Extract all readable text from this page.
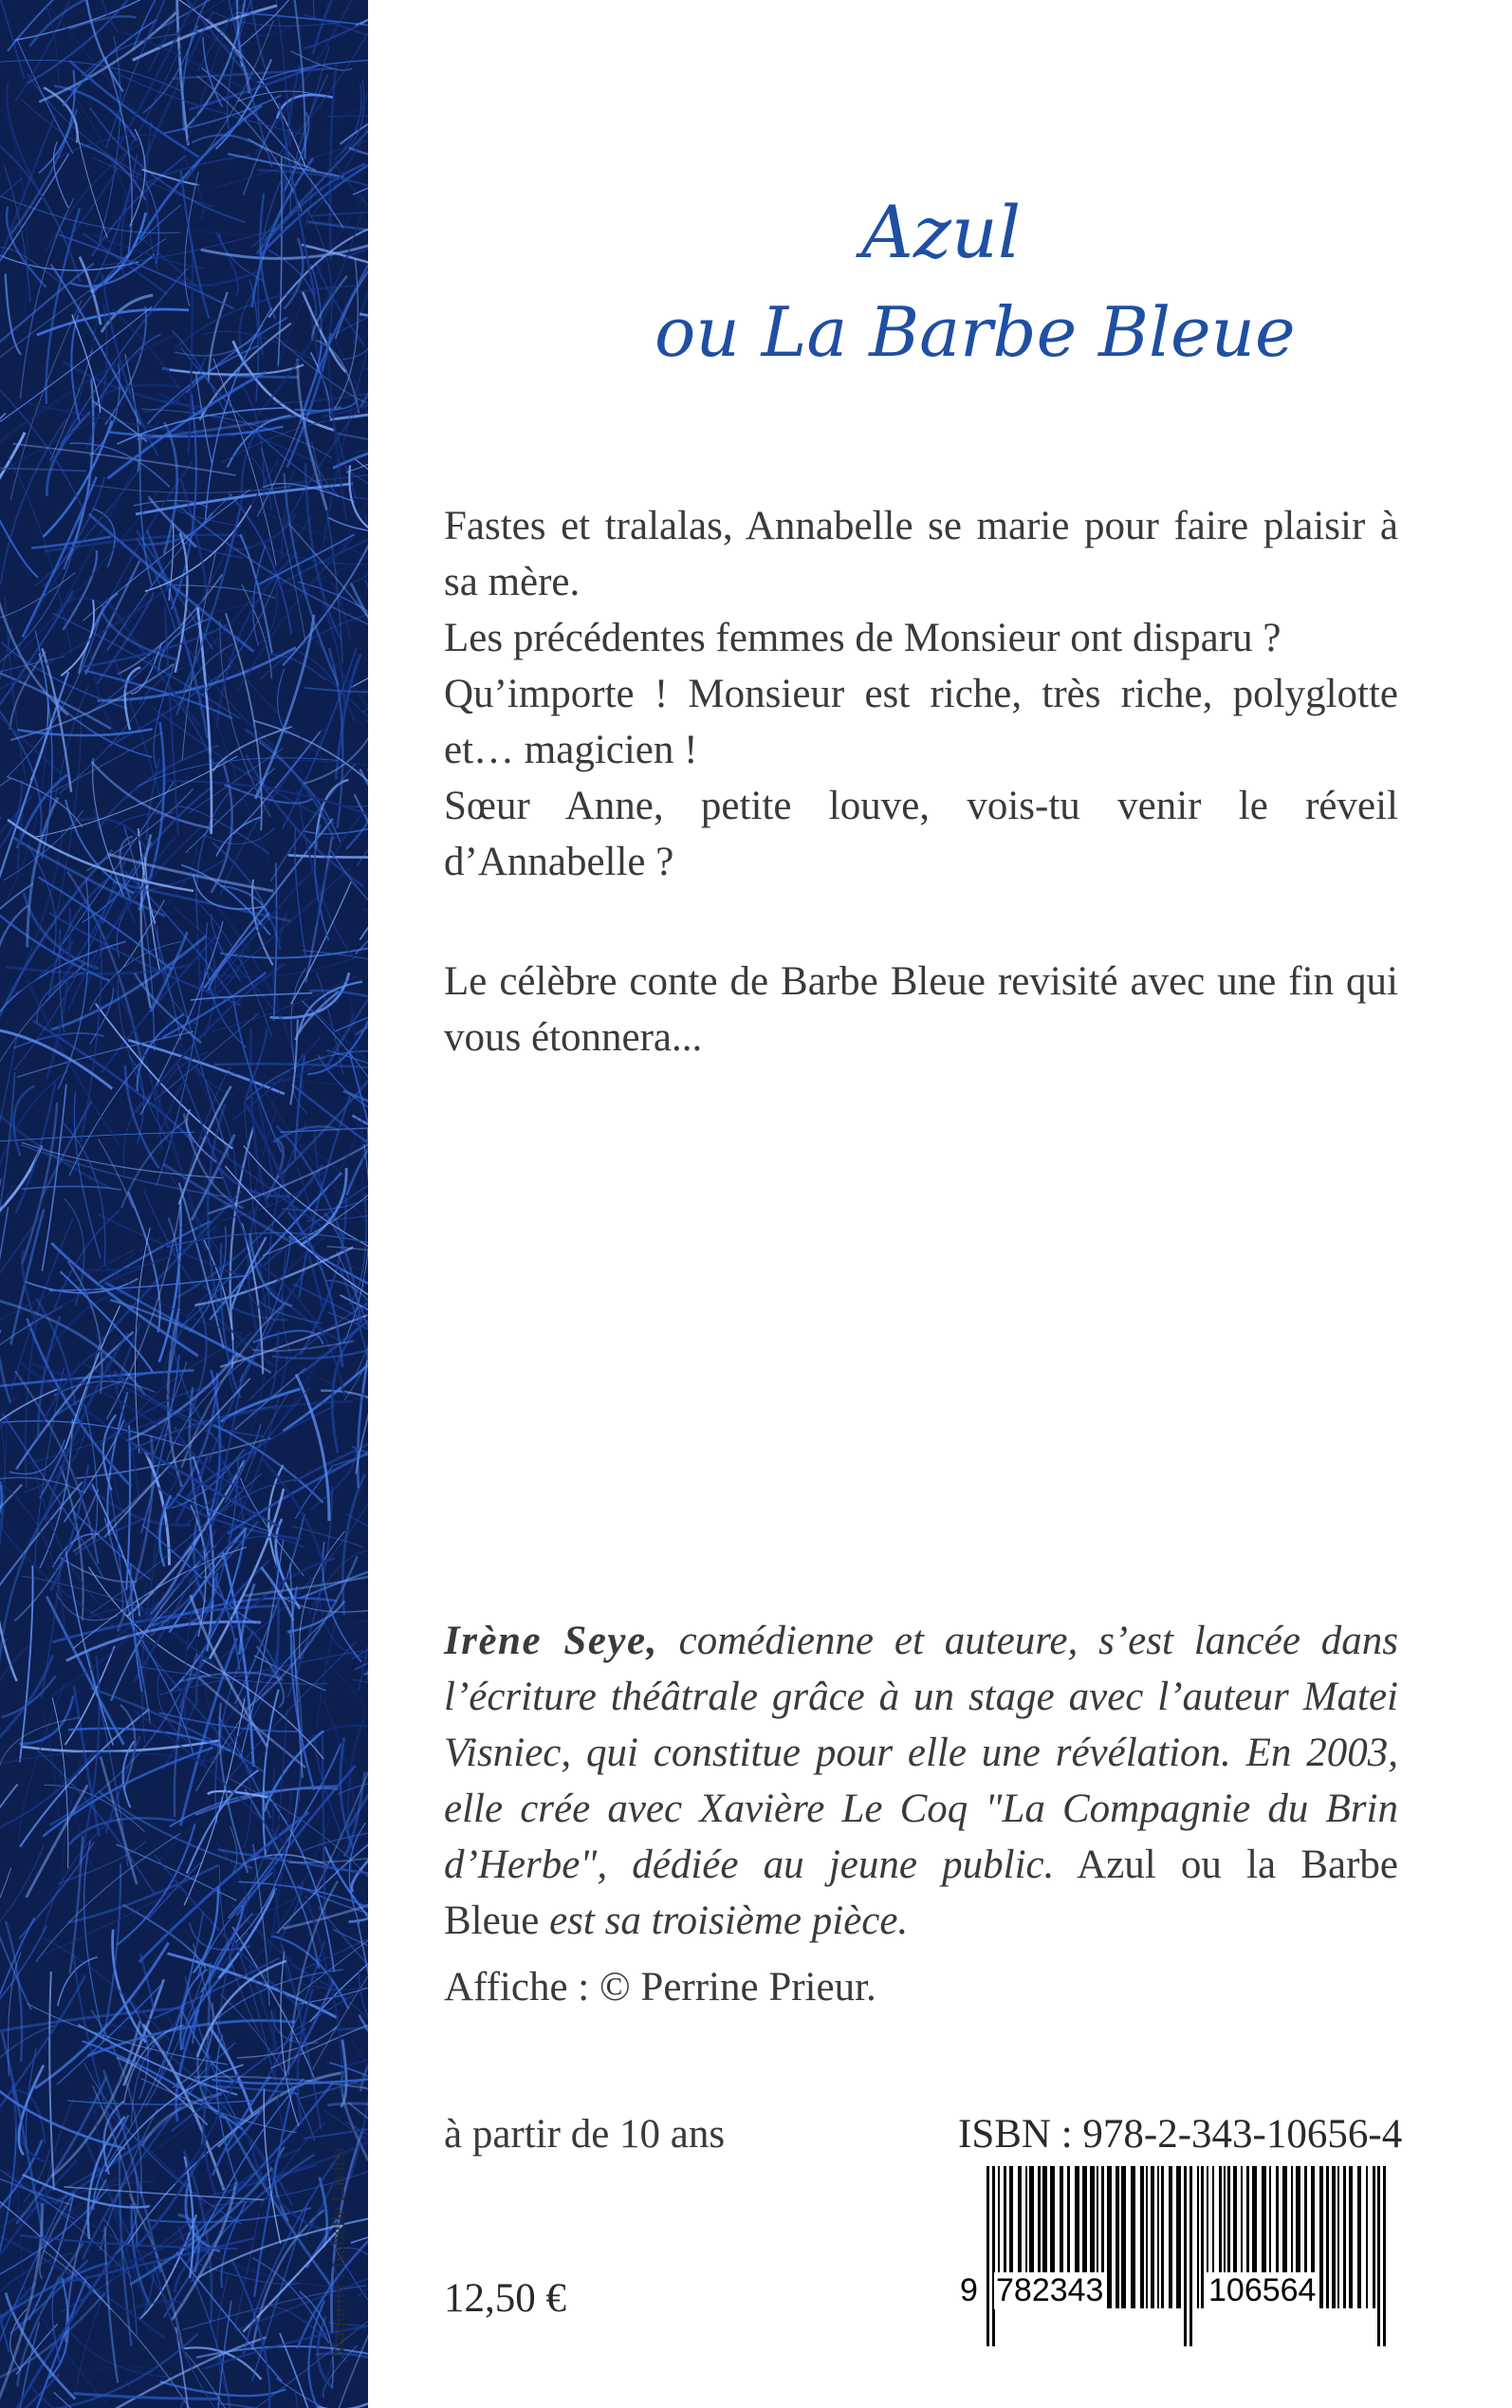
Maquette : Isabelle Lavina
Azul
ou La Barbe Bleue

Fastes et tralalas, Annabelle se marie pour faire plaisir à sa mère.

Les précédentes femmes de Monsieur ont disparu ?

Qu’importe ! Monsieur est riche, très riche, polyglotte et… magicien !

Sœur Anne, petite louve, vois-tu venir le réveil d’Annabelle ?

Le célèbre conte de Barbe Bleue revisité avec une fin qui vous étonnera...

Irène Seye, comédienne et auteure, s’est lancée dans
l’écriture théâtrale grâce à un stage avec l’auteur Matei
Visniec, qui constitue pour elle une révélation. En 2003,
elle crée avec Xavière Le Coq "La Compagnie du Brin
d’Herbe", dédiée au jeune public. Azul ou la Barbe
Bleue est sa troisième pièce.
Affiche : © Perrine Prieur.
à partir de 10 ans	ISBN : 978-2-343-10656-4
9 782343	106564
12,50 €
